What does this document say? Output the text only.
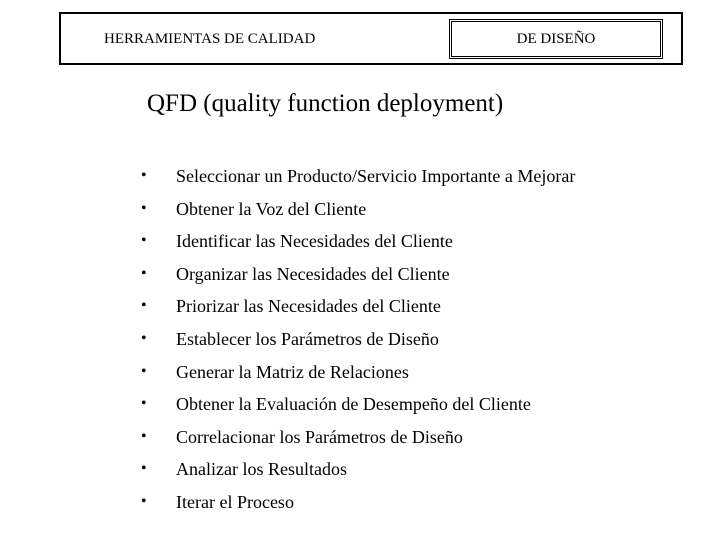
HERRAMIENTAS DE CALIDAD	DE DISEÑO
QFD (quality function deployment)
• Seleccionar un Producto/Servicio Importante a Mejorar
• Obtener la Voz del Cliente
• Identificar las Necesidades del Cliente
• Organizar las Necesidades del Cliente
• Priorizar las Necesidades del Cliente
• Establecer los Parámetros de Diseño
• Generar la Matriz de Relaciones
• Obtener la Evaluación de Desempeño del Cliente
• Correlacionar los Parámetros de Diseño
• Analizar los Resultados
• Iterar el Proceso
